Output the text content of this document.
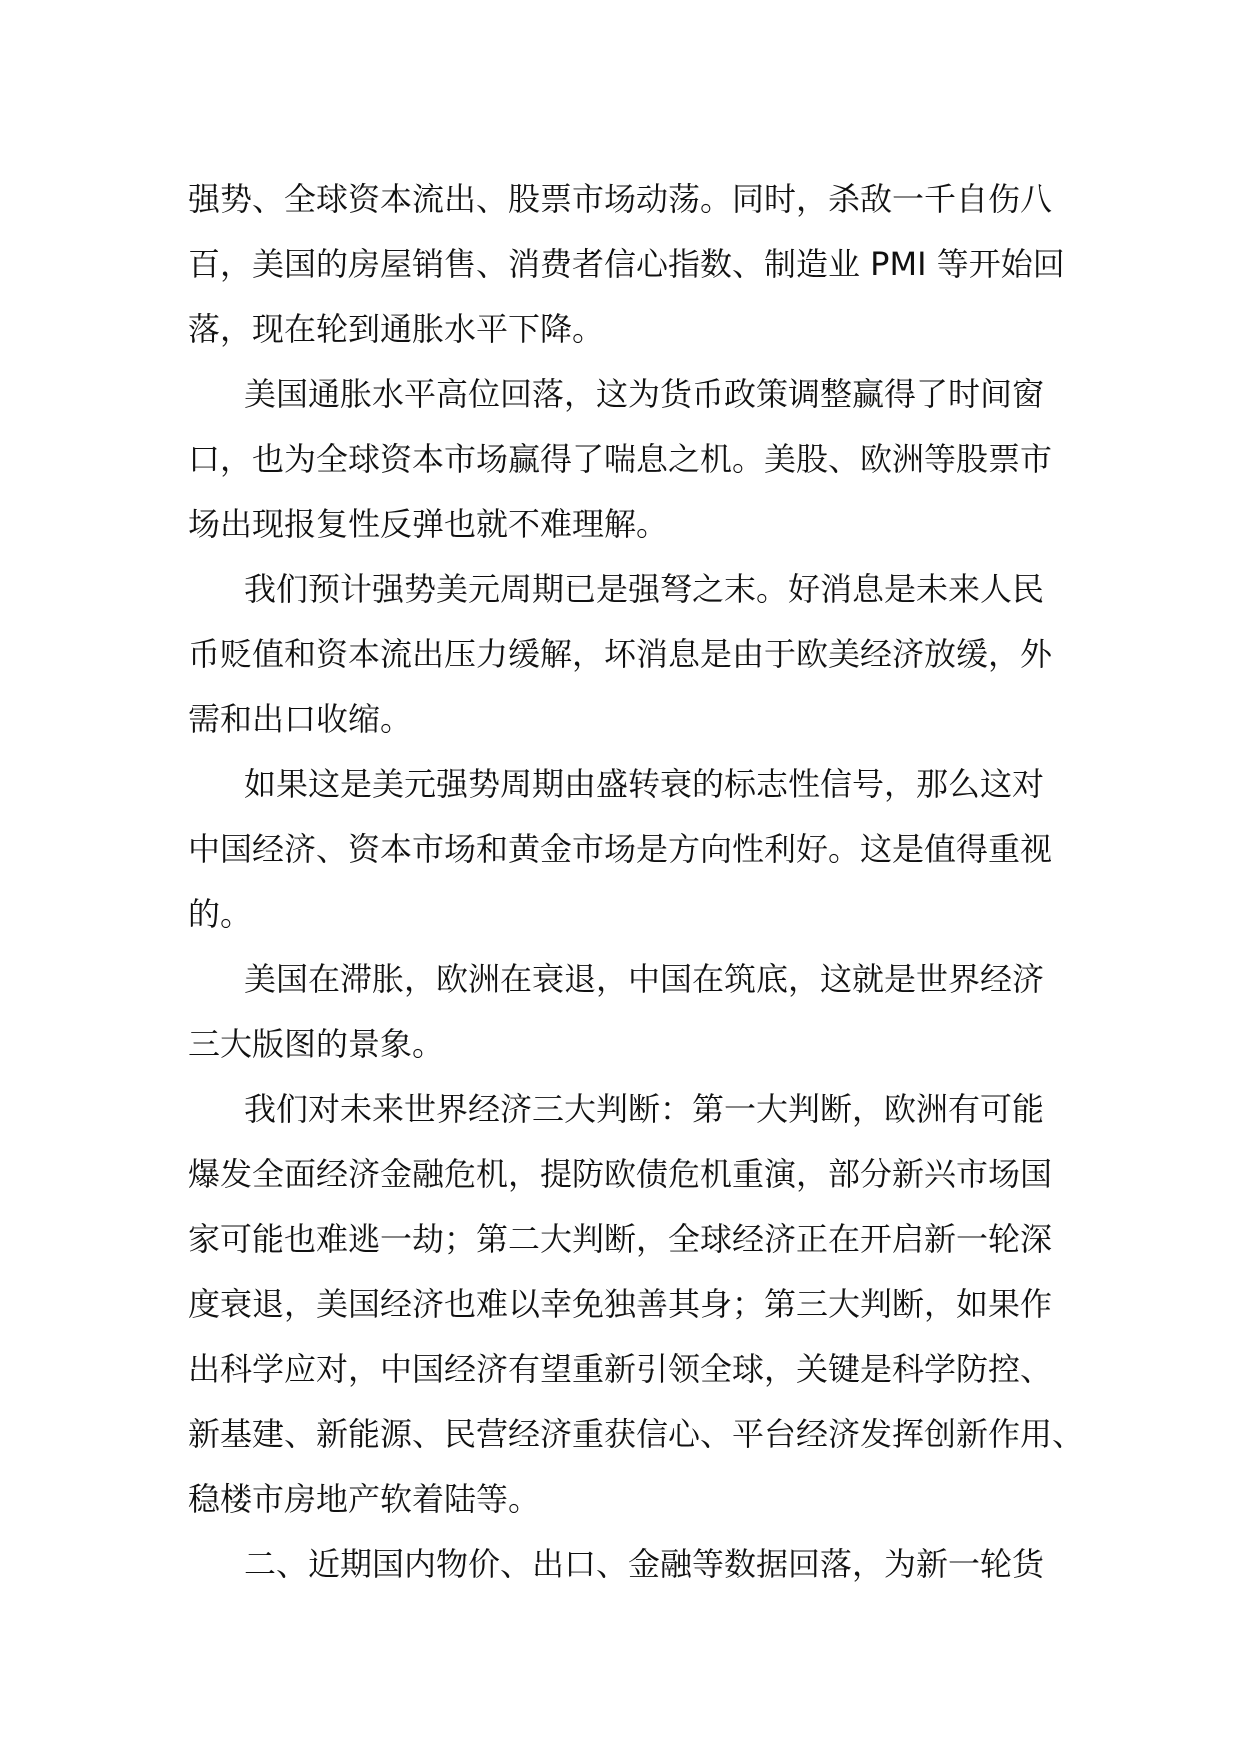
强势、全球资本流出、股票市场动荡。同时，杀敌一千自伤八
百，美国的房屋销售、消费者信心指数、制造业 PMI 等开始回
落，现在轮到通胀水平下降。

美国通胀水平高位回落，这为货币政策调整赢得了时间窗
口，也为全球资本市场赢得了喘息之机。美股、欧洲等股票市
场出现报复性反弹也就不难理解。

我们预计强势美元周期已是强弩之末。好消息是未来人民
币贬值和资本流出压力缓解，坏消息是由于欧美经济放缓，外
需和出口收缩。

如果这是美元强势周期由盛转衰的标志性信号，那么这对
中国经济、资本市场和黄金市场是方向性利好。这是值得重视
的。

美国在滞胀，欧洲在衰退，中国在筑底，这就是世界经济
三大版图的景象。

我们对未来世界经济三大判断：第一大判断，欧洲有可能
爆发全面经济金融危机，提防欧债危机重演，部分新兴市场国
家可能也难逃一劫；第二大判断，全球经济正在开启新一轮深
度衰退，美国经济也难以幸免独善其身；第三大判断，如果作
出科学应对，中国经济有望重新引领全球，关键是科学防控、
新基建、新能源、民营经济重获信心、平台经济发挥创新作用、
稳楼市房地产软着陆等。

二、近期国内物价、出口、金融等数据回落，为新一轮货
